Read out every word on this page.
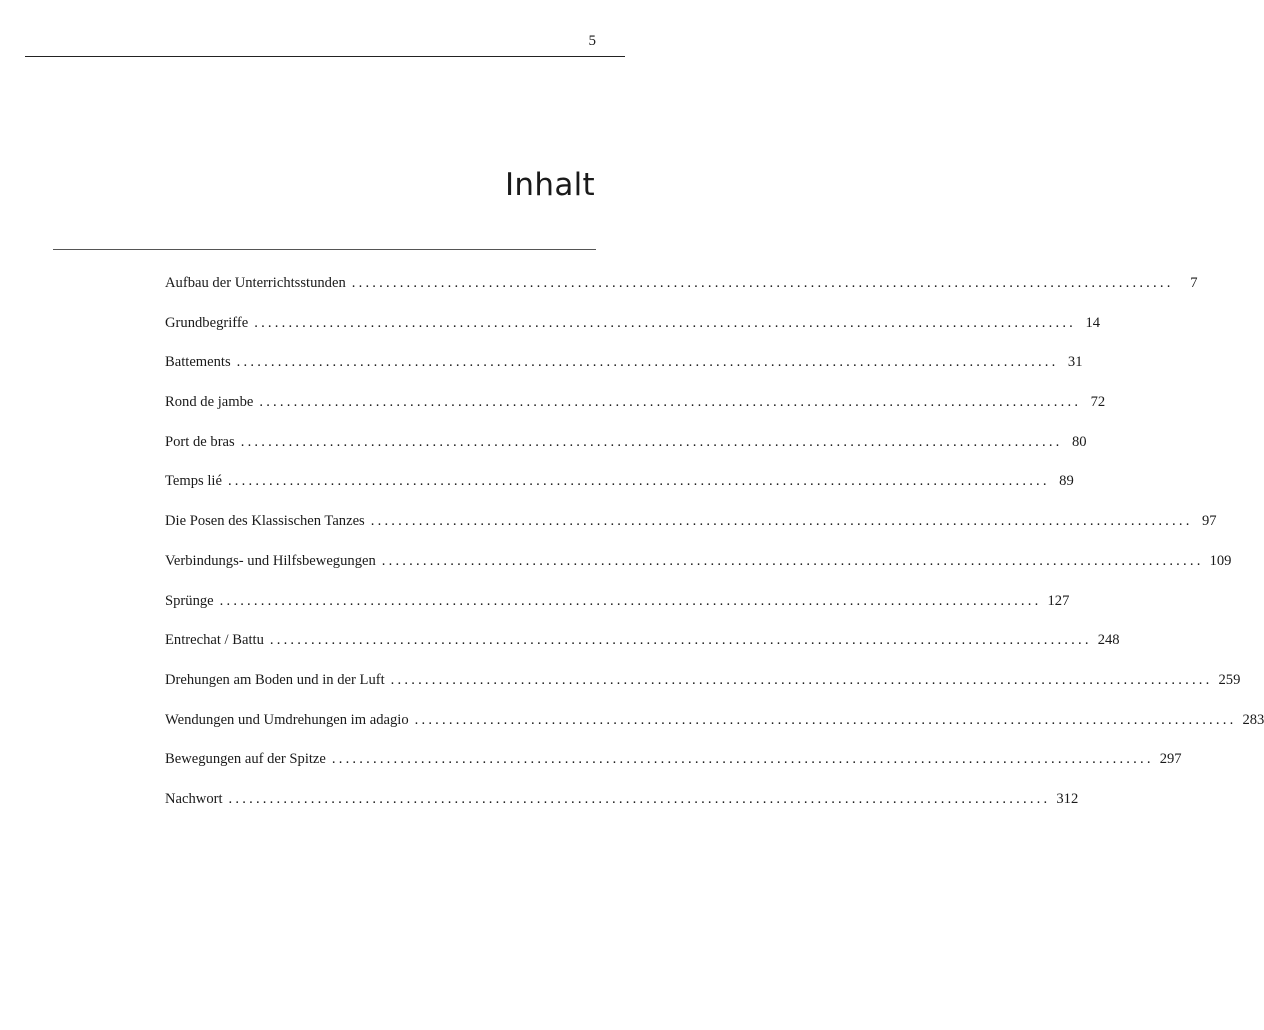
5
Inhalt
Aufbau der Unterrichtsstunden ........................................................................................................................	7
Grundbegriffe ........................................................................................................................ 14
Battements ........................................................................................................................ 31
Rond de jambe ........................................................................................................................ 72
Port de bras ........................................................................................................................ 80
Temps lié ........................................................................................................................ 89
Die Posen des Klassischen Tanzes ........................................................................................................................ 97
Verbindungs- und Hilfsbewegungen ........................................................................................................................ 109
Sprünge ........................................................................................................................ 127
Entrechat / Battu ........................................................................................................................ 248
Drehungen am Boden und in der Luft ........................................................................................................................ 259
Wendungen und Umdrehungen im adagio ........................................................................................................................ 283
Bewegungen auf der Spitze ........................................................................................................................ 297
Nachwort ........................................................................................................................ 312
